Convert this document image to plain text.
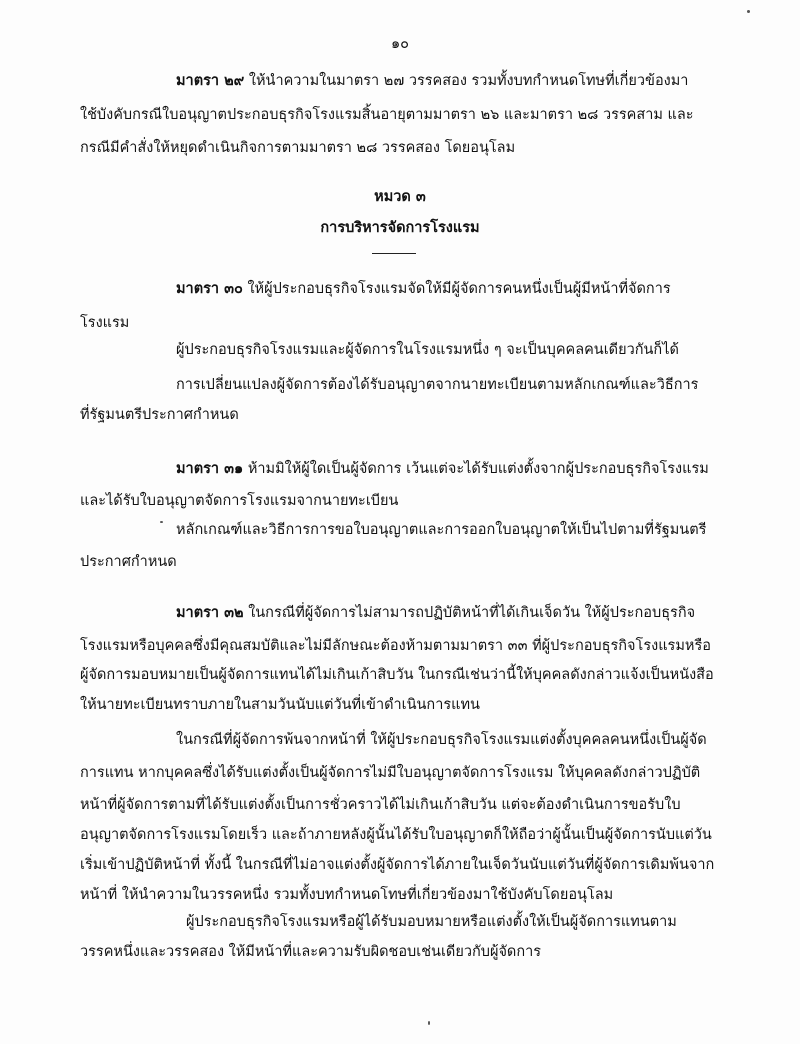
๑๐
มาตรา ๒๙ ให้นำความในมาตรา ๒๗ วรรคสอง รวมทั้งบทกำหนดโทษที่เกี่ยวข้องมา
ใช้บังคับกรณีใบอนุญาตประกอบธุรกิจโรงแรมสิ้นอายุตามมาตรา ๒๖ และมาตรา ๒๘ วรรคสาม และ
กรณีมีคำสั่งให้หยุดดำเนินกิจการตามมาตรา ๒๘ วรรคสอง โดยอนุโลม
หมวด ๓
การบริหารจัดการโรงแรม
มาตรา ๓๐ ให้ผู้ประกอบธุรกิจโรงแรมจัดให้มีผู้จัดการคนหนึ่งเป็นผู้มีหน้าที่จัดการ
โรงแรม
ผู้ประกอบธุรกิจโรงแรมและผู้จัดการในโรงแรมหนึ่ง ๆ จะเป็นบุคคลคนเดียวกันก็ได้
การเปลี่ยนแปลงผู้จัดการต้องได้รับอนุญาตจากนายทะเบียนตามหลักเกณฑ์และวิธีการ
ที่รัฐมนตรีประกาศกำหนด
มาตรา ๓๑ ห้ามมิให้ผู้ใดเป็นผู้จัดการ เว้นแต่จะได้รับแต่งตั้งจากผู้ประกอบธุรกิจโรงแรม
และได้รับใบอนุญาตจัดการโรงแรมจากนายทะเบียน
หลักเกณฑ์และวิธีการการขอใบอนุญาตและการออกใบอนุญาตให้เป็นไปตามที่รัฐมนตรี
ประกาศกำหนด
มาตรา ๓๒ ในกรณีที่ผู้จัดการไม่สามารถปฏิบัติหน้าที่ได้เกินเจ็ดวัน ให้ผู้ประกอบธุรกิจ
โรงแรมหรือบุคคลซึ่งมีคุณสมบัติและไม่มีลักษณะต้องห้ามตามมาตรา ๓๓ ที่ผู้ประกอบธุรกิจโรงแรมหรือ
ผู้จัดการมอบหมายเป็นผู้จัดการแทนได้ไม่เกินเก้าสิบวัน ในกรณีเช่นว่านี้ให้บุคคลดังกล่าวแจ้งเป็นหนังสือ
ให้นายทะเบียนทราบภายในสามวันนับแต่วันที่เข้าดำเนินการแทน
ในกรณีที่ผู้จัดการพ้นจากหน้าที่ ให้ผู้ประกอบธุรกิจโรงแรมแต่งตั้งบุคคลคนหนึ่งเป็นผู้จัด
การแทน หากบุคคลซึ่งได้รับแต่งตั้งเป็นผู้จัดการไม่มีใบอนุญาตจัดการโรงแรม ให้บุคคลดังกล่าวปฏิบัติ
หน้าที่ผู้จัดการตามที่ได้รับแต่งตั้งเป็นการชั่วคราวได้ไม่เกินเก้าสิบวัน แต่จะต้องดำเนินการขอรับใบ
อนุญาตจัดการโรงแรมโดยเร็ว และถ้าภายหลังผู้นั้นได้รับใบอนุญาตก็ให้ถือว่าผู้นั้นเป็นผู้จัดการนับแต่วัน
เริ่มเข้าปฏิบัติหน้าที่ ทั้งนี้ ในกรณีที่ไม่อาจแต่งตั้งผู้จัดการได้ภายในเจ็ดวันนับแต่วันที่ผู้จัดการเดิมพ้นจาก
หน้าที่ ให้นำความในวรรคหนึ่ง รวมทั้งบทกำหนดโทษที่เกี่ยวข้องมาใช้บังคับโดยอนุโลม
ผู้ประกอบธุรกิจโรงแรมหรือผู้ได้รับมอบหมายหรือแต่งตั้งให้เป็นผู้จัดการแทนตาม
วรรคหนึ่งและวรรคสอง ให้มีหน้าที่และความรับผิดชอบเช่นเดียวกับผู้จัดการ
